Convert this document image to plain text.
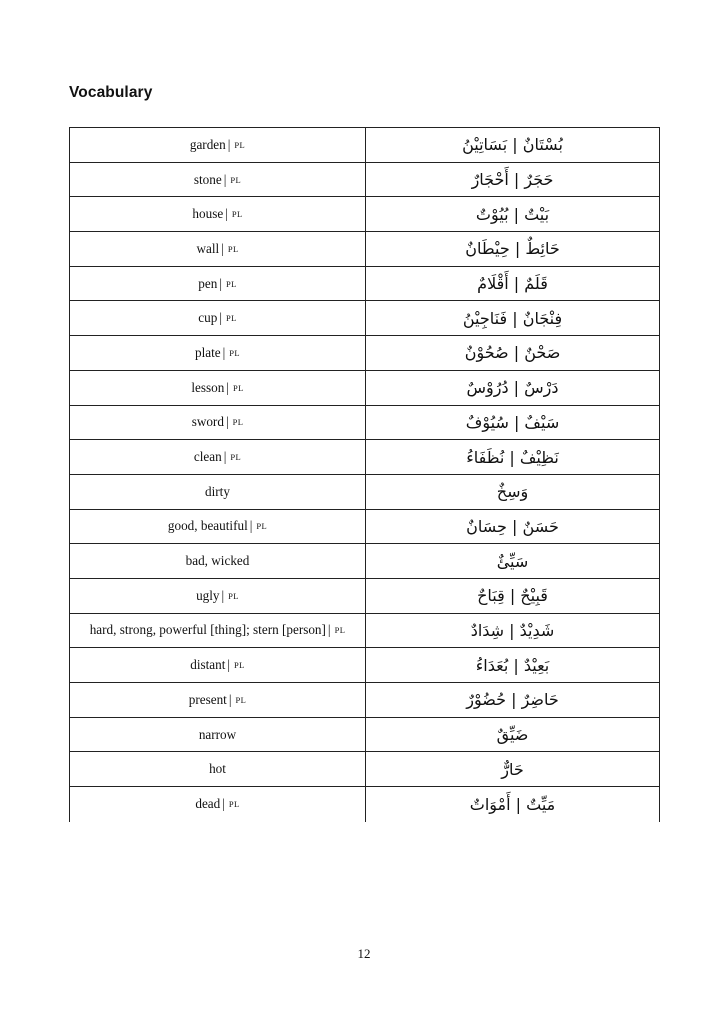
Vocabulary
garden | PL	بُسْتَانٌ | بَسَاتِيْنُ
stone | PL	حَجَرٌ | أَحْجَارٌ
house | PL	بَيْتٌ | بُيُوْتٌ
wall | PL	حَائِطٌ | حِيْطَانٌ
pen | PL	قَلَمٌ | أَقْلَامٌ
cup | PL	فِنْجَانٌ | فَنَاجِيْنُ
plate | PL	صَحْنٌ | صُحُوْنٌ
lesson | PL	دَرْسٌ | دُرُوْسٌ
sword | PL	سَيْفٌ | سُيُوْفٌ
clean | PL	نَظِيْفٌ | نُظَفَاءُ
dirty	وَسِخٌ
good, beautiful | PL	حَسَنٌ | حِسَانٌ
bad, wicked	سَيِّئٌ
ugly | PL	قَبِيْحٌ | قِبَاحٌ
hard, strong, powerful [thing]; stern [person] | PL	شَدِيْدٌ | شِدَادٌ
distant | PL	بَعِيْدٌ | بُعَدَاءُ
present | PL	حَاضِرٌ | حُضُوْرٌ
narrow	ضَيِّقٌ
hot	حَارٌّ
dead | PL	مَيِّتٌ | أَمْوَاتٌ
12
